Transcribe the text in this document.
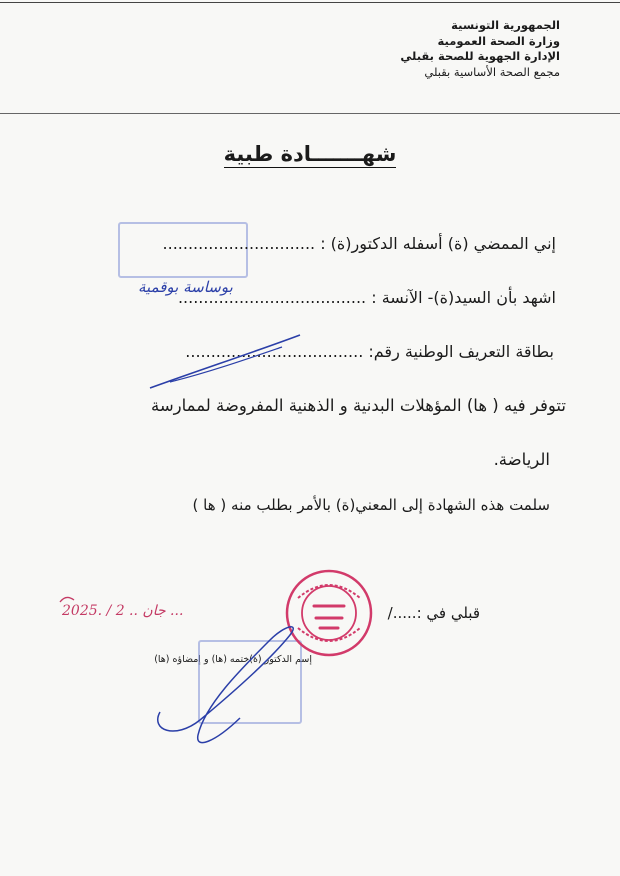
الجمهورية التونسية
وزارة الصحة العمومية
الإدارة الجهوية للصحة بقبلي
مجمع الصحة الأساسية بقبلي
شهـــــــادة طبية
إني الممضي (ة) أسفله الدكتور(ة) : ..............................
اشهد بأن السيد(ة)- الآنسة : .....................................
بوساسة بوقمية
بطاقة التعريف الوطنية رقم: ...................................
تتوفر فيه ( ها) المؤهلات البدنية و الذهنية المفروضة لممارسة
الرياضة.
سلمت هذه الشهادة إلى المعني(ة) بالأمر بطلب منه ( ها )
قبلي في :...../
2025. / 2 .. جان ...
إسم الدكتور (ة)ختمه (ها) و إمضاؤه (ها)
